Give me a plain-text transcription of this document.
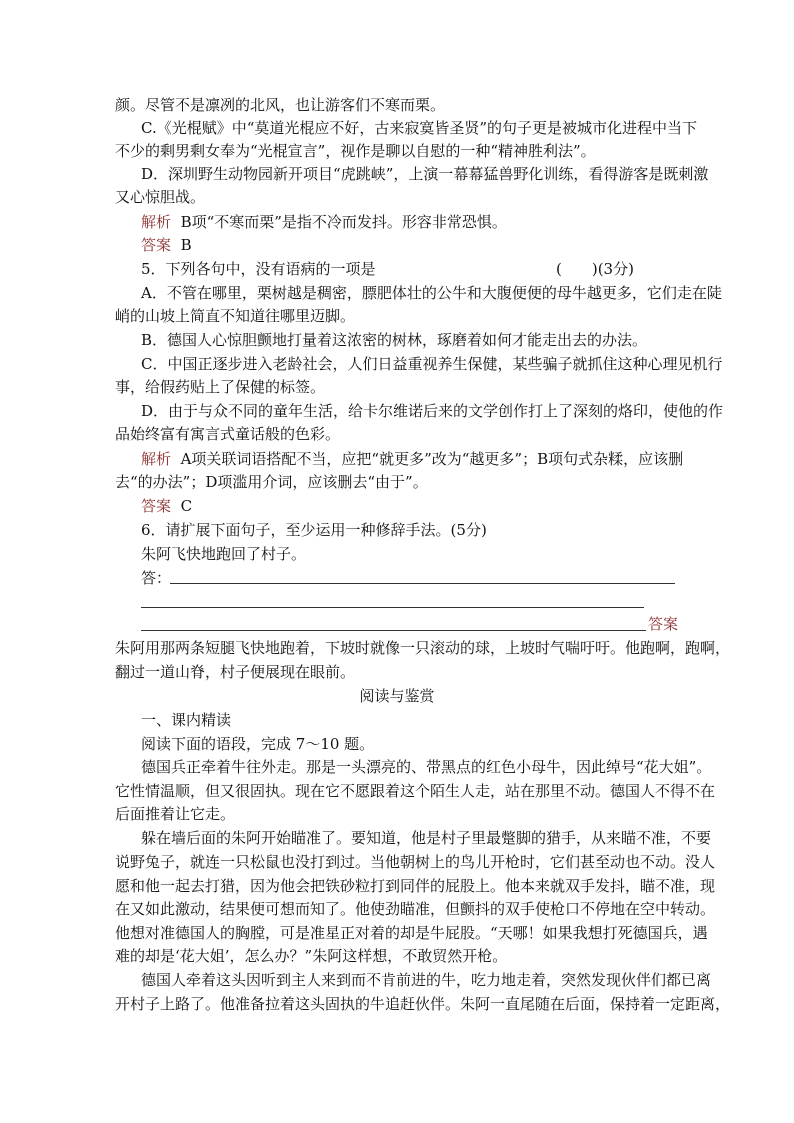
颜。尽管不是凛冽的北风，也让游客们不寒而栗。
C.《光棍赋》中“莫道光棍应不好，古来寂寞皆圣贤”的句子更是被城市化进程中当下
不少的剩男剩女奉为“光棍宣言”，视作是聊以自慰的一种“精神胜利法”。
D．深圳野生动物园新开项目“虎跳峡”，上演一幕幕猛兽野化训练，看得游客是既刺激
又心惊胆战。
解析 B项“不寒而栗”是指不冷而发抖。形容非常恐惧。
答案 B
5．下列各句中，没有语病的一项是	(　　)(3分)
A．不管在哪里，栗树越是稠密，膘肥体壮的公牛和大腹便便的母牛越更多，它们走在陡
峭的山坡上简直不知道往哪里迈脚。
B．德国人心惊胆颤地打量着这浓密的树林，琢磨着如何才能走出去的办法。
C．中国正逐步进入老龄社会，人们日益重视养生保健，某些骗子就抓住这种心理见机行
事，给假药贴上了保健的标签。
D．由于与众不同的童年生活，给卡尔维诺后来的文学创作打上了深刻的烙印，使他的作
品始终富有寓言式童话般的色彩。
解析 A项关联词语搭配不当，应把“就更多”改为“越更多”；B项句式杂糅，应该删
去“的办法”；D项滥用介词，应该删去“由于”。
答案 C
6．请扩展下面句子，至少运用一种修辞手法。(5分)
朱阿飞快地跑回了村子。
答：
答案
朱阿用那两条短腿飞快地跑着，下坡时就像一只滚动的球，上坡时气喘吁吁。他跑啊，跑啊，
翻过一道山脊，村子便展现在眼前。
阅读与鉴赏
一、课内精读
阅读下面的语段，完成 7～10 题。
德国兵正牵着牛往外走。那是一头漂亮的、带黑点的红色小母牛，因此绰号“花大姐”。
它性情温顺，但又很固执。现在它不愿跟着这个陌生人走，站在那里不动。德国人不得不在
后面推着让它走。
躲在墙后面的朱阿开始瞄准了。要知道，他是村子里最蹩脚的猎手，从来瞄不准，不要
说野兔子，就连一只松鼠也没打到过。当他朝树上的鸟儿开枪时，它们甚至动也不动。没人
愿和他一起去打猎，因为他会把铁砂粒打到同伴的屁股上。他本来就双手发抖，瞄不准，现
在又如此激动，结果便可想而知了。他使劲瞄准，但颤抖的双手使枪口不停地在空中转动。
他想对准德国人的胸膛，可是准星正对着的却是牛屁股。“天哪！如果我想打死德国兵，遇
难的却是‘花大姐’，怎么办？”朱阿这样想，不敢贸然开枪。
德国人牵着这头因听到主人来到而不肯前进的牛，吃力地走着，突然发现伙伴们都已离
开村子上路了。他准备拉着这头固执的牛追赶伙伴。朱阿一直尾随在后面，保持着一定距离，
